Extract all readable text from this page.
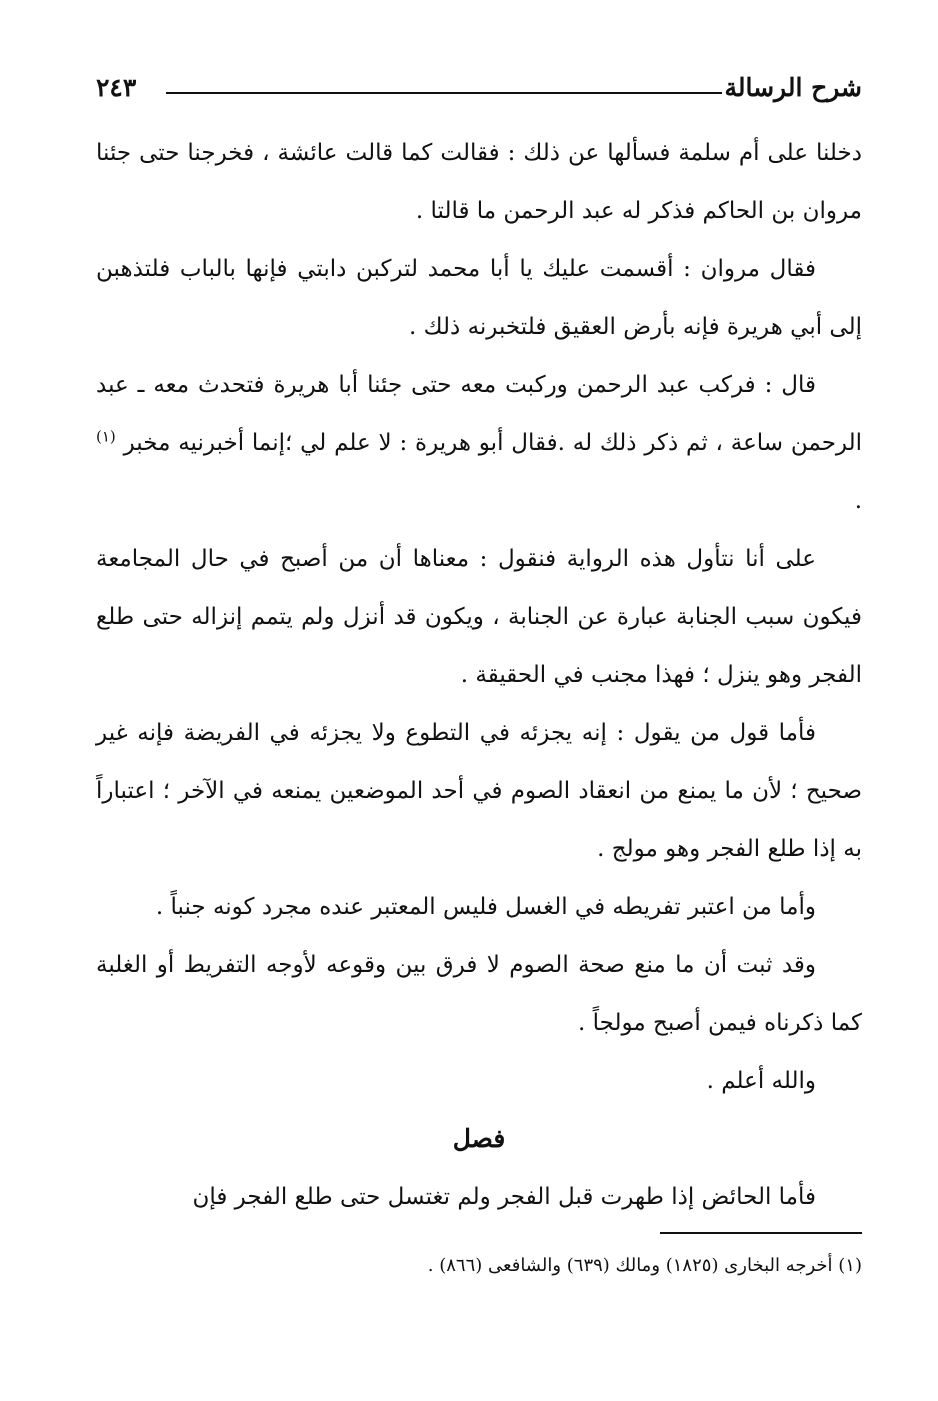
شرح الرسالة
٢٤٣

دخلنا على أم سلمة فسألها عن ذلك : فقالت كما قالت عائشة ، فخرجنا حتى جئنا مروان بن الحاكم فذكر له عبد الرحمن ما قالتا .

فقال مروان : أقسمت عليك يا أبا محمد لتركبن دابتي فإنها بالباب فلتذهبن إلى أبي هريرة فإنه بأرض العقيق فلتخبرنه ذلك .

قال : فركب عبد الرحمن وركبت معه حتى جئنا أبا هريرة فتحدث معه ـ عبد الرحمن ساعة ، ثم ذكر ذلك له .فقال أبو هريرة : لا علم لي ؛إنما أخبرنيه مخبر $^{(١)}$ .

على أنا نتأول هذه الرواية فنقول : معناها أن من أصبح في حال المجامعة فيكون سبب الجنابة عبارة عن الجنابة ، ويكون قد أنزل ولم يتمم إنزاله حتى طلع الفجر وهو ينزل ؛ فهذا مجنب في الحقيقة .

فأما قول من يقول : إنه يجزئه في التطوع ولا يجزئه في الفريضة فإنه غير صحيح ؛ لأن ما يمنع من انعقاد الصوم في أحد الموضعين يمنعه في الآخر ؛ اعتباراً به إذا طلع الفجر وهو مولج .

وأما من اعتبر تفريطه في الغسل فليس المعتبر عنده مجرد كونه جنباً .

وقد ثبت أن ما منع صحة الصوم لا فرق بين وقوعه لأوجه التفريط أو الغلبة كما ذكرناه فيمن أصبح مولجاً .

والله أعلم .

فصل

فأما الحائض إذا طهرت قبل الفجر ولم تغتسل حتى طلع الفجر فإن

(١) أخرجه البخارى (١٨٢٥) ومالك (٦٣٩) والشافعى (٨٦٦) .
